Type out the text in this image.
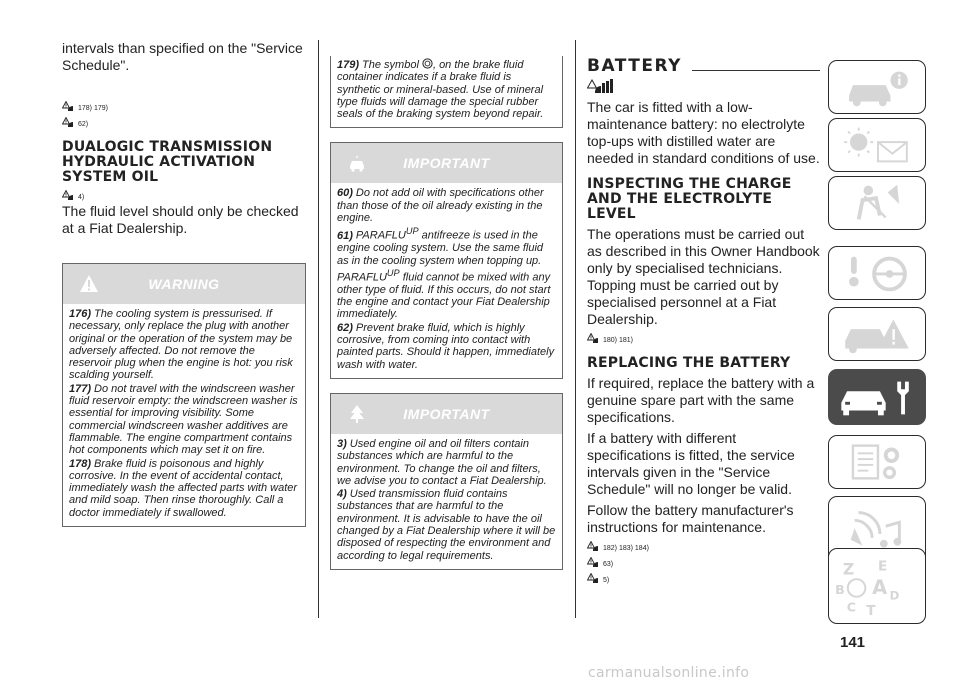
intervals than specified on the "Service Schedule".

178) 179)
62)
DUALOGIC TRANSMISSION HYDRAULIC ACTIVATION SYSTEM OIL
4)

The fluid level should only be checked at a Fiat Dealership.

WARNING

176) The cooling system is pressurised. If necessary, only replace the plug with another original or the operation of the system may be adversely affected. Do not remove the reservoir plug when the engine is hot: you risk scalding yourself.

177) Do not travel with the windscreen washer fluid reservoir empty: the windscreen washer is essential for improving visibility. Some commercial windscreen washer additives are flammable. The engine compartment contains hot components which may set it on fire.

178) Brake fluid is poisonous and highly corrosive. In the event of accidental contact, immediately wash the affected parts with water and mild soap. Then rinse thoroughly. Call a doctor immediately if swallowed.

179) The symbol , on the brake fluid container indicates if a brake fluid is synthetic or mineral-based. Use of mineral type fluids will damage the special rubber seals of the braking system beyond repair.

IMPORTANT

60) Do not add oil with specifications other than those of the oil already existing in the engine.

61) $PARAFLU^{UP}$ antifreeze is used in the engine cooling system. Use the same fluid as in the cooling system when topping up. $PARAFLU^{UP}$ fluid cannot be mixed with any other type of fluid. If this occurs, do not start the engine and contact your Fiat Dealership immediately.

62) Prevent brake fluid, which is highly corrosive, from coming into contact with painted parts. Should it happen, immediately wash with water.

IMPORTANT

3) Used engine oil and oil filters contain substances which are harmful to the environment. To change the oil and filters, we advise you to contact a Fiat Dealership.

4) Used transmission fluid contains substances that are harmful to the environment. It is advisable to have the oil changed by a Fiat Dealership where it will be disposed of respecting the environment and according to legal requirements.

BATTERY

The car is fitted with a low-maintenance battery: no electrolyte top-ups with distilled water are needed in standard conditions of use.

INSPECTING THE CHARGE AND THE ELECTROLYTE LEVEL

The operations must be carried out as described in this Owner Handbook only by specialised technicians. Topping must be carried out by specialised personnel at a Fiat Dealership.

180) 181)
REPLACING THE BATTERY

If required, replace the battery with a genuine spare part with the same specifications.

If a battery with different specifications is fitted, the service intervals given in the "Service Schedule" will no longer be valid.

Follow the battery manufacturer's instructions for maintenance.

182) 183) 184)
63)
5)
Z E
B A
C T
D
141
carmanualsonline.info
